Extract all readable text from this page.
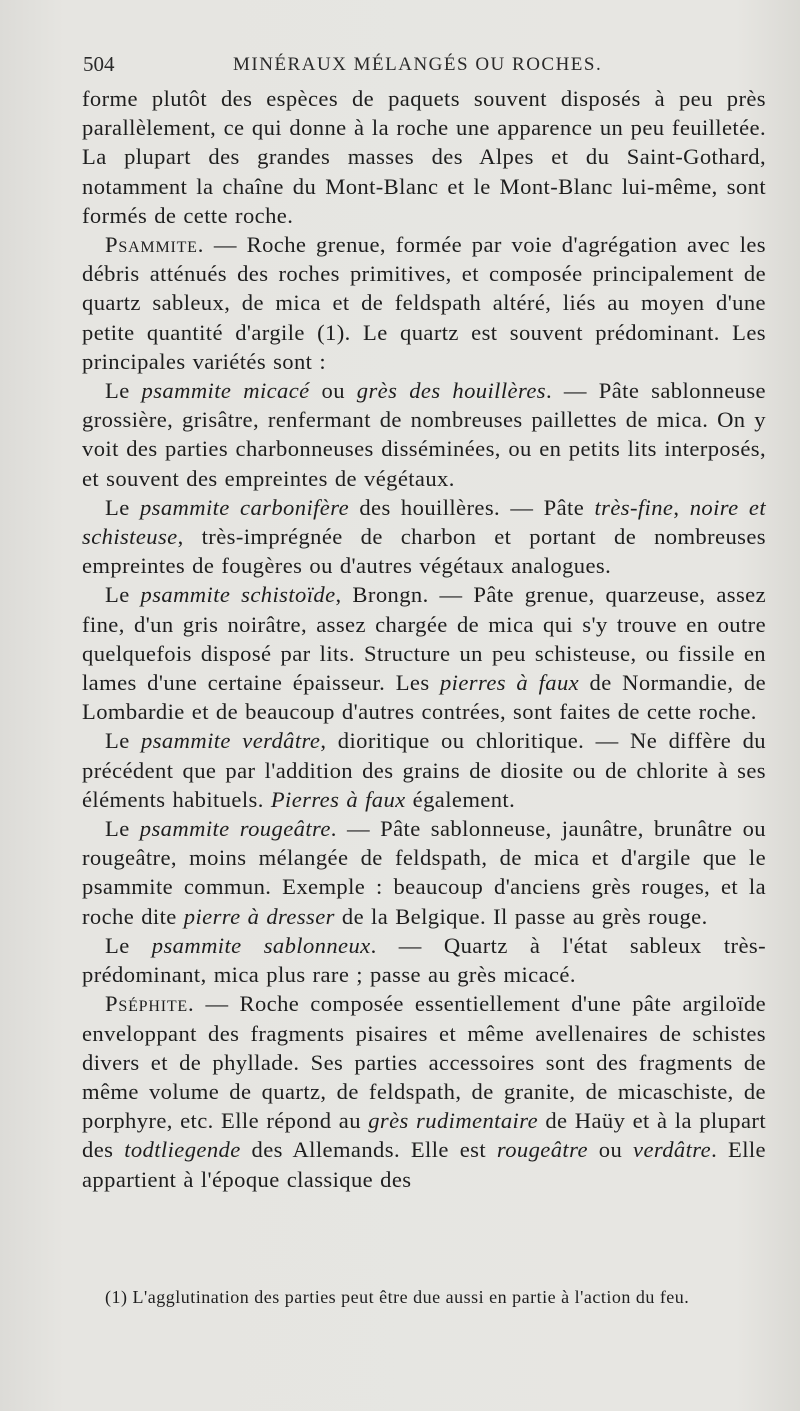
504	MINÉRAUX MÉLANGÉS OU ROCHES.

forme plutôt des espèces de paquets souvent disposés à peu près parallèlement, ce qui donne à la roche une apparence un peu feuilletée. La plupart des grandes masses des Alpes et du Saint-Gothard, notamment la chaîne du Mont-Blanc et le Mont-Blanc lui-même, sont formés de cette roche.

Psammite. — Roche grenue, formée par voie d'agrégation avec les débris atténués des roches primitives, et composée principalement de quartz sableux, de mica et de feldspath altéré, liés au moyen d'une petite quantité d'argile (1). Le quartz est souvent prédominant. Les principales variétés sont :

Le psammite micacé ou grès des houillères. — Pâte sablonneuse grossière, grisâtre, renfermant de nombreuses paillettes de mica. On y voit des parties charbonneuses disséminées, ou en petits lits interposés, et souvent des empreintes de végétaux.

Le psammite carbonifère des houillères. — Pâte très-fine, noire et schisteuse, très-imprégnée de charbon et portant de nombreuses empreintes de fougères ou d'autres végétaux analogues.

Le psammite schistoïde, Brongn. — Pâte grenue, quarzeuse, assez fine, d'un gris noirâtre, assez chargée de mica qui s'y trouve en outre quelquefois disposé par lits. Structure un peu schisteuse, ou fissile en lames d'une certaine épaisseur. Les pierres à faux de Normandie, de Lombardie et de beaucoup d'autres contrées, sont faites de cette roche.

Le psammite verdâtre, dioritique ou chloritique. — Ne diffère du précédent que par l'addition des grains de diosite ou de chlorite à ses éléments habituels. Pierres à faux également.

Le psammite rougeâtre. — Pâte sablonneuse, jaunâtre, brunâtre ou rougeâtre, moins mélangée de feldspath, de mica et d'argile que le psammite commun. Exemple : beaucoup d'anciens grès rouges, et la roche dite pierre à dresser de la Belgique. Il passe au grès rouge.

Le psammite sablonneux. — Quartz à l'état sableux très-prédominant, mica plus rare ; passe au grès micacé.

Pséphite. — Roche composée essentiellement d'une pâte argiloïde enveloppant des fragments pisaires et même avellenaires de schistes divers et de phyllade. Ses parties accessoires sont des fragments de même volume de quartz, de feldspath, de granite, de micaschiste, de porphyre, etc. Elle répond au grès rudimentaire de Haüy et à la plupart des todtliegende des Allemands. Elle est rougeâtre ou verdâtre. Elle appartient à l'époque classique des

(1) L'agglutination des parties peut être due aussi en partie à l'action du feu.
